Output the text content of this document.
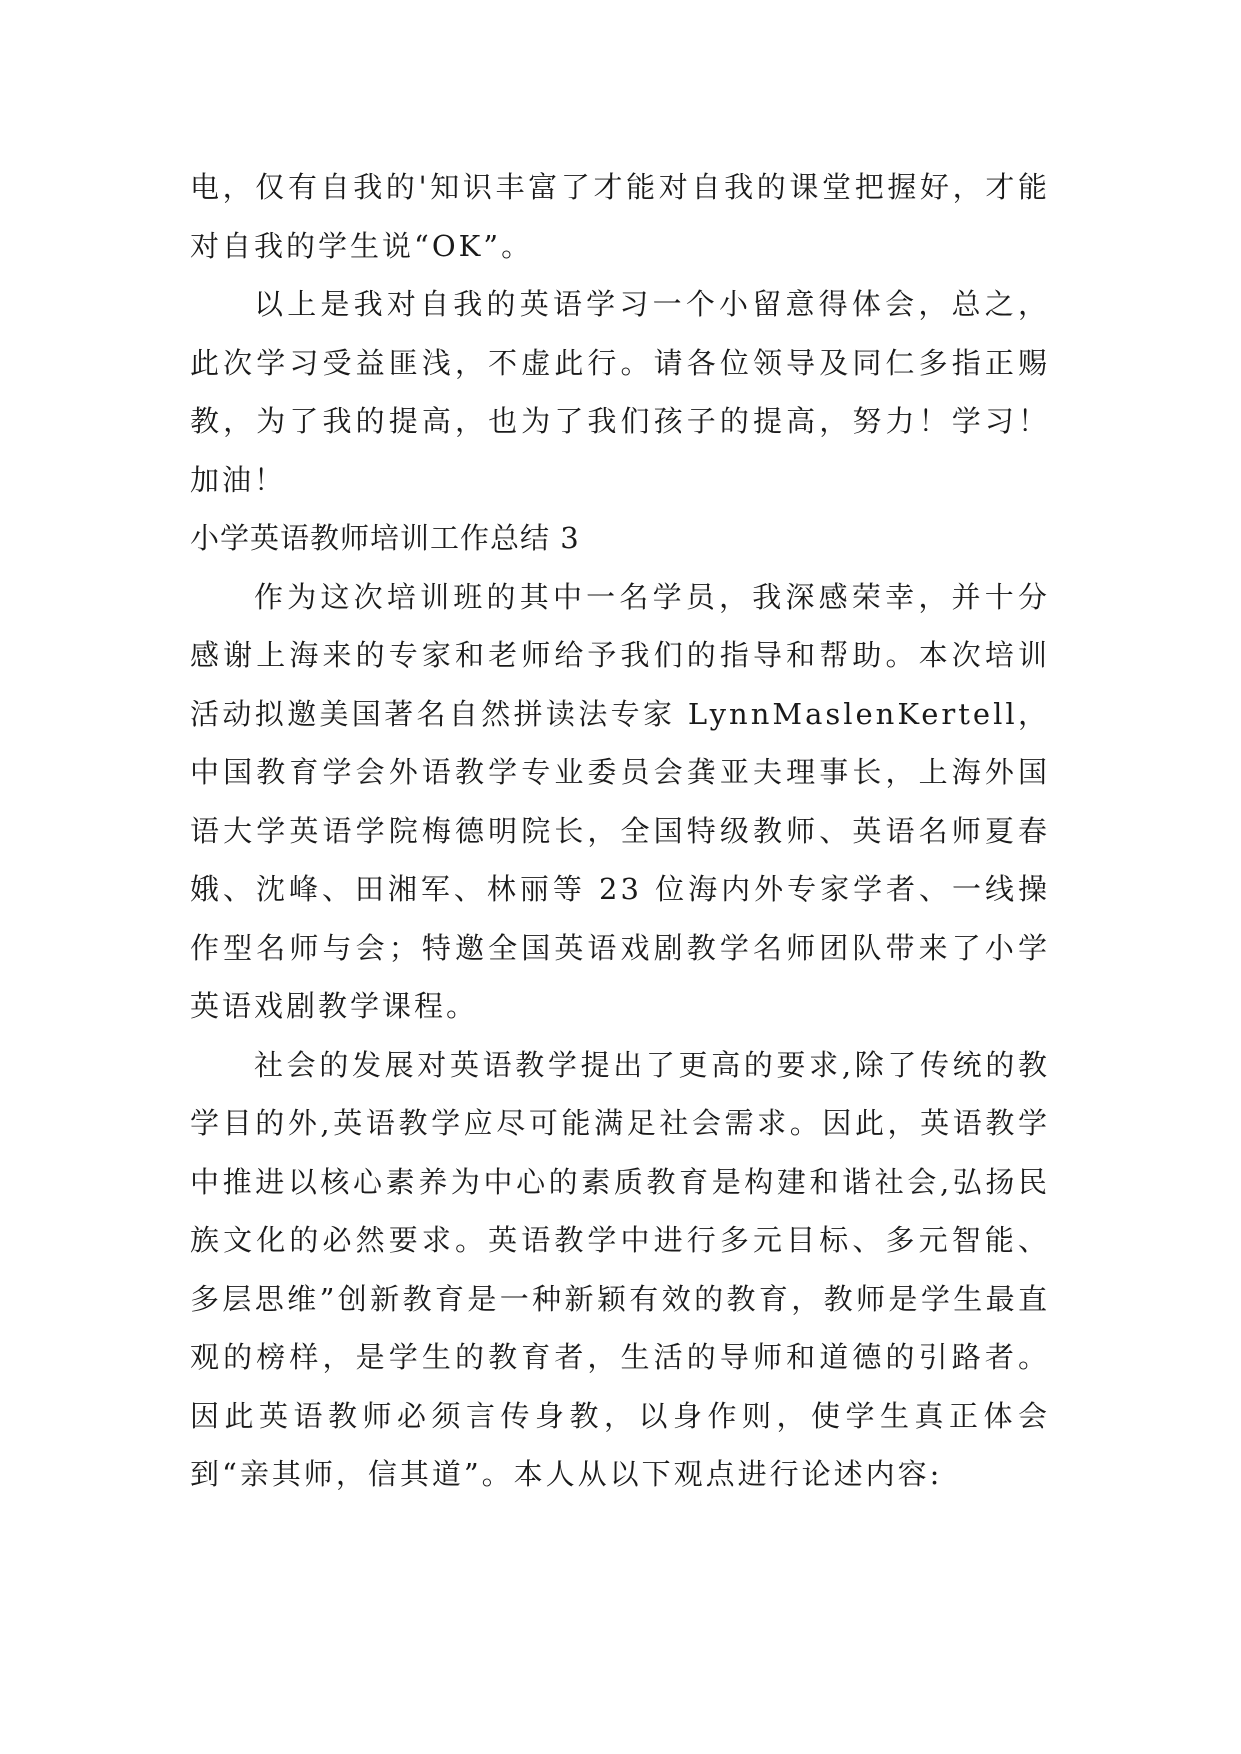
电，仅有自我的'知识丰富了才能对自我的课堂把握好，才能对自我的学生说“OK”。

以上是我对自我的英语学习一个小留意得体会，总之，此次学习受益匪浅，不虚此行。请各位领导及同仁多指正赐教，为了我的提高，也为了我们孩子的提高，努力！学习！加油！

小学英语教师培训工作总结 3

作为这次培训班的其中一名学员，我深感荣幸，并十分感谢上海来的专家和老师给予我们的指导和帮助。本次培训活动拟邀美国著名自然拼读法专家 LynnMaslenKertell，中国教育学会外语教学专业委员会龚亚夫理事长，上海外国语大学英语学院梅德明院长，全国特级教师、英语名师夏春娥、沈峰、田湘军、林丽等 23 位海内外专家学者、一线操作型名师与会；特邀全国英语戏剧教学名师团队带来了小学英语戏剧教学课程。

社会的发展对英语教学提出了更高的要求,除了传统的教学目的外,英语教学应尽可能满足社会需求。因此，英语教学中推进以核心素养为中心的素质教育是构建和谐社会,弘扬民族文化的必然要求。英语教学中进行多元目标、多元智能、多层思维”创新教育是一种新颖有效的教育，教师是学生最直观的榜样，是学生的教育者，生活的导师和道德的引路者。因此英语教师必须言传身教，以身作则，使学生真正体会到“亲其师，信其道”。本人从以下观点进行论述内容:
